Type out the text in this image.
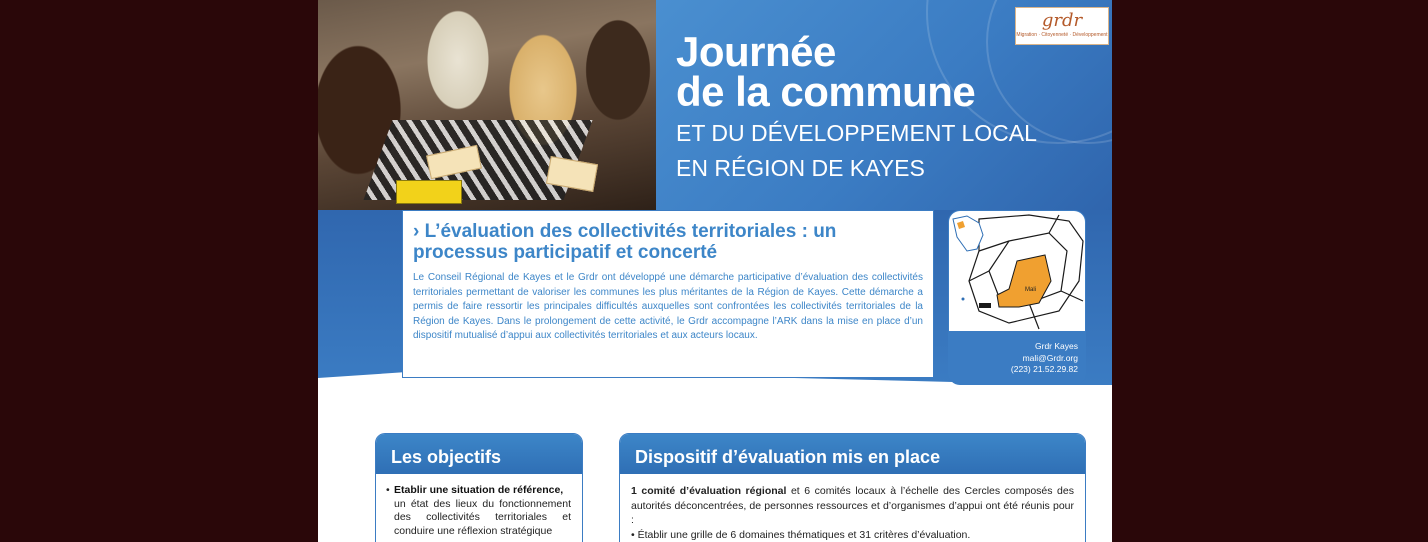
Journée
de la commune
ET DU DÉVELOPPEMENT LOCAL
EN RÉGION DE KAYES
grdr
Migration · Citoyenneté · Développement
› L’évaluation des collectivités territoriales : un processus participatif et concerté

Le Conseil Régional de Kayes et le Grdr ont développé une démarche participative d’évaluation des collectivités territoriales permettant de valoriser les communes les plus méritantes de la Région de Kayes. Cette démarche a permis de faire ressortir les principales difficultés auxquelles sont confrontées les collectivités territoriales de la Région de Kayes. Dans le prolongement de cette activité, le Grdr accompagne l’ARK dans la mise en place d’un dispositif mutualisé d’appui aux collectivités territoriales et aux acteurs locaux.

Mali
Grdr Kayes
mali@Grdr.org
(223) 21.52.29.82
Les objectifs
• Etablir une situation de référence,
un état des lieux du fonctionnement des collectivités territoriales et conduire une réflexion stratégique
Dispositif d’évaluation mis en place
1 comité d’évaluation régional et 6 comités locaux à l’échelle des Cercles composés des autorités déconcentrées, de personnes ressources et d’organismes d’appui ont été réunis pour :
• Établir une grille de 6 domaines thématiques et 31 critères d’évaluation.
